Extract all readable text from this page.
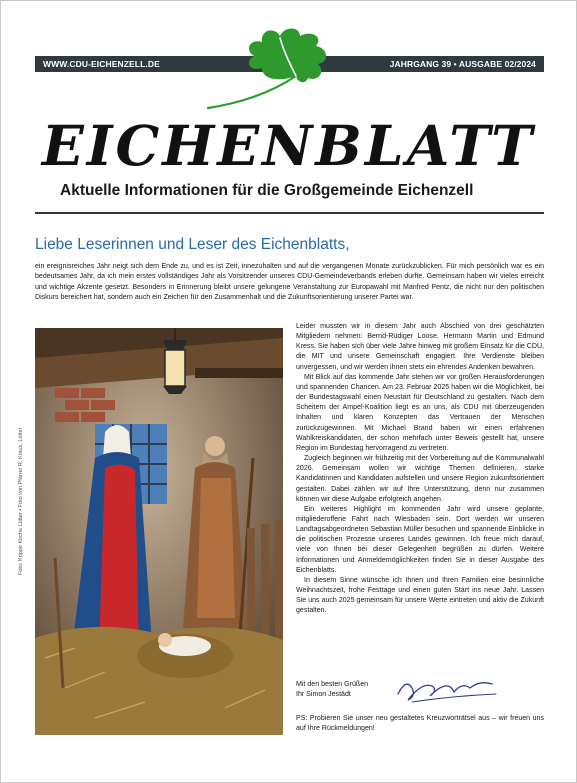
WWW.CDU-EICHENZELL.DE	JAHRGANG 39 • AUSGABE 02/2024
EICHENBLATT
Aktuelle Informationen für die Großgemeinde Eichenzell
Liebe Leserinnen und Leser des Eichenblatts,

ein ereignisreiches Jahr neigt sich dem Ende zu, und es ist Zeit, innezuhalten und auf die vergangenen Monate zurückzublicken. Für mich persönlich war es ein bedeutsames Jahr, da ich mein erstes vollständiges Jahr als Vorsitzender unseres CDU-Gemeindeverbands erleben durfte. Gemeinsam haben wir vieles erreicht und wichtige Akzente gesetzt. Besonders in Erinnerung bleibt unsere gelungene Veranstaltung zur Europawahl mit Manfred Pentz, die nicht nur den politischen Diskurs bereichert hat, sondern auch ein Zeichen für den Zusammenhalt und die Zukunftsorientierung unserer Partei war.

Foto: Krippe Kirche Lütter • Foto von Pfarrer R. Kraus, Lütter

Leider mussten wir in diesem Jahr auch Abschied von drei geschätzten Mitgliedern nehmen: Bernd-Rüdiger Loose, Hermann Martin und Edmund Kress. Sie haben sich über viele Jahre hinweg mit großem Einsatz für die CDU, die MIT und unsere Gemeinschaft engagiert. Ihre Verdienste bleiben unvergessen, und wir werden ihnen stets ein ehrendes Andenken bewahren.

Mit Blick auf das kommende Jahr stehen wir vor großen Herausforderungen und spannenden Chancen. Am 23. Februar 2025 haben wir die Möglichkeit, bei der Bundestagswahl einen Neustart für Deutschland zu gestalten. Nach dem Scheitern der Ampel-Koalition liegt es an uns, als CDU mit überzeugenden Inhalten und klaren Konzepten das Vertrauen der Menschen zurückzugewinnen. Mit Michael Brand haben wir einen erfahrenen Wahlkreiskandidaten, der schon mehrfach unter Beweis gestellt hat, unsere Region im Bundestag hervorragend zu vertreten.

Zugleich beginnen wir frühzeitig mit der Vorbereitung auf die Kommunalwahl 2026. Gemeinsam wollen wir wichtige Themen definieren, starke Kandidatinnen und Kandidaten aufstellen und unsere Region zukunftsorientiert gestalten. Dabei zählen wir auf Ihre Unterstützung, denn nur zusammen können wir diese Aufgabe erfolgreich angehen.

Ein weiteres Highlight im kommenden Jahr wird unsere geplante, mitgliederoffene Fahrt nach Wiesbaden sein. Dort werden wir unseren Landtagsabgeordneten Sebastian Müller besuchen und spannende Einblicke in die politischen Prozesse unseres Landes gewinnen. Ich freue mich darauf, viele von Ihnen bei dieser Gelegenheit begrüßen zu dürfen. Weitere Informationen und Anmeldemöglichkeiten finden Sie in dieser Ausgabe des Eichenblatts.

In diesem Sinne wünsche ich Ihnen und Ihren Familien eine besinnliche Weihnachtszeit, frohe Festtage und einen guten Start ins neue Jahr. Lassen Sie uns auch 2025 gemeinsam für unsere Werte eintreten und aktiv die Zukunft gestalten.

Mit den besten Grüßen
Ihr Simon Jestädt
PS: Probieren Sie unser neu gestaltetes Kreuzworträtsel aus – wir freuen uns auf Ihre Rückmeldungen!
